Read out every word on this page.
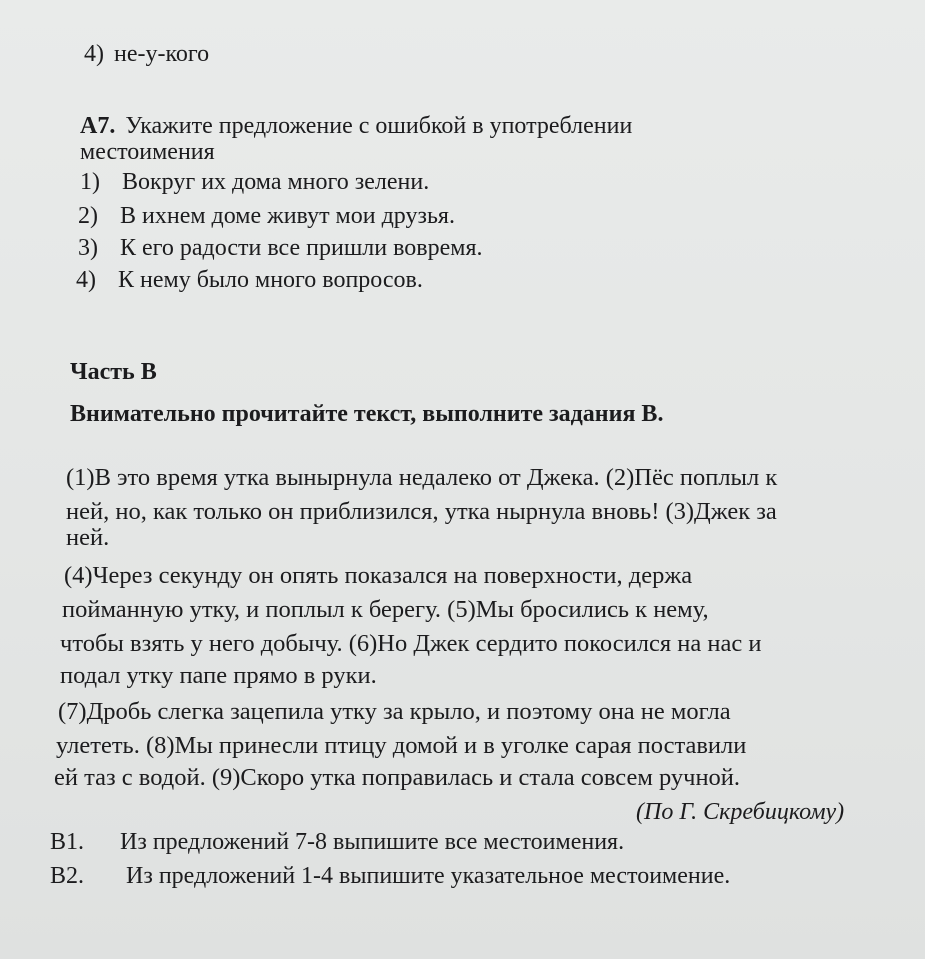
4) не-у-кого

А7. Укажите предложение с ошибкой в употреблении

местоимения

1) Вокруг их дома много зелени.

2) В ихнем доме живут мои друзья.

3) К его радости все пришли вовремя.

4) К нему было много вопросов.

Часть В

Внимательно прочитайте текст, выполните задания В.

(1)В это время утка вынырнула недалеко от Джека. (2)Пёс поплыл к

ней, но, как только он приблизился, утка нырнула вновь! (3)Джек за

ней.

(4)Через секунду он опять показался на поверхности, держа

пойманную утку, и поплыл к берегу. (5)Мы бросились к нему,

чтобы взять у него добычу. (6)Но Джек сердито покосился на нас и

подал утку папе прямо в руки.

(7)Дробь слегка зацепила утку за крыло, и поэтому она не могла

улететь. (8)Мы принесли птицу домой и в уголке сарая поставили

ей таз с водой. (9)Скоро утка поправилась и стала совсем ручной.

(По Г. Скребицкому)

В1. Из предложений 7-8 выпишите все местоимения.

В2. Из предложений 1-4 выпишите указательное местоимение.
